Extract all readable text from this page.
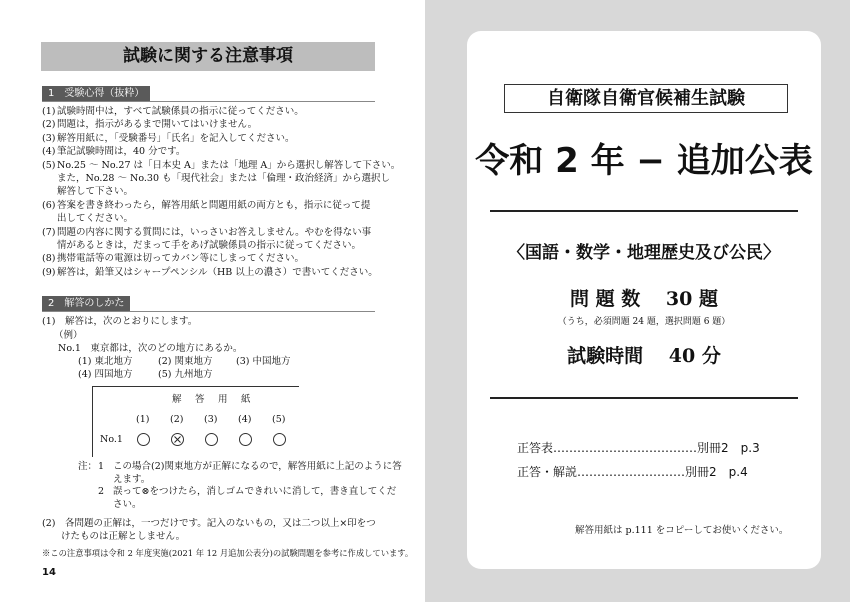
試験に関する注意事項
1　受験心得（抜粋）
(1) 試験時間中は，すべて試験係員の指示に従ってください。
(2) 問題は，指示があるまで開いてはいけません。
(3) 解答用紙に，「受験番号」「氏名」を記入してください。
(4) 筆記試験時間は，40 分です。
(5) No.25 ～ No.27 は「日本史 A」または「地理 A」から選択し解答して下さい。
また，No.28 ～ No.30 も「現代社会」または「倫理・政治経済」から選択し
解答して下さい。
(6) 答案を書き終わったら，解答用紙と問題用紙の両方とも，指示に従って提
出してください。
(7) 問題の内容に関する質問には，いっさいお答えしません。やむを得ない事
情があるときは，だまって手をあげ試験係員の指示に従ってください。
(8) 携帯電話等の電源は切ってカバン等にしまってください。
(9) 解答は，鉛筆又はシャープペンシル（HB 以上の濃さ）で書いてください。
2　解答のしかた
(1)　解答は，次のとおりにします。
（例）
No.1　東京都は，次のどの地方にあるか。
(1) 東北地方	(2) 関東地方 (3) 中国地方
(4) 四国地方	(5) 九州地方
解　答　用　紙
(1) (2) (3) (4) (5)
No.1
注： 1 この場合(2)関東地方が正解になるので，解答用紙に上記のように答
えます。
2 誤って⊗をつけたら，消しゴムできれいに消して，書き直してくだ
さい。
(2)　各問題の正解は，一つだけです。記入のないもの，又は二つ以上×印をつ
　　けたものは正解としません。
※この注意事項は令和 2 年度実施(2021 年 12 月追加公表分)の試験問題を参考に作成しています。
14
自衛隊自衛官候補生試験
令和 2 年 − 追加公表
〈国語・数学・地理歴史及び公民〉
問 題 数　 30 題
（うち，必須問題 24 題，選択問題 6 題）
試験時間　 40 分
正答表………………………………別冊2　p.3
正答・解説………………………別冊2　p.4
解答用紙は p.111 をコピーしてお使いください。
